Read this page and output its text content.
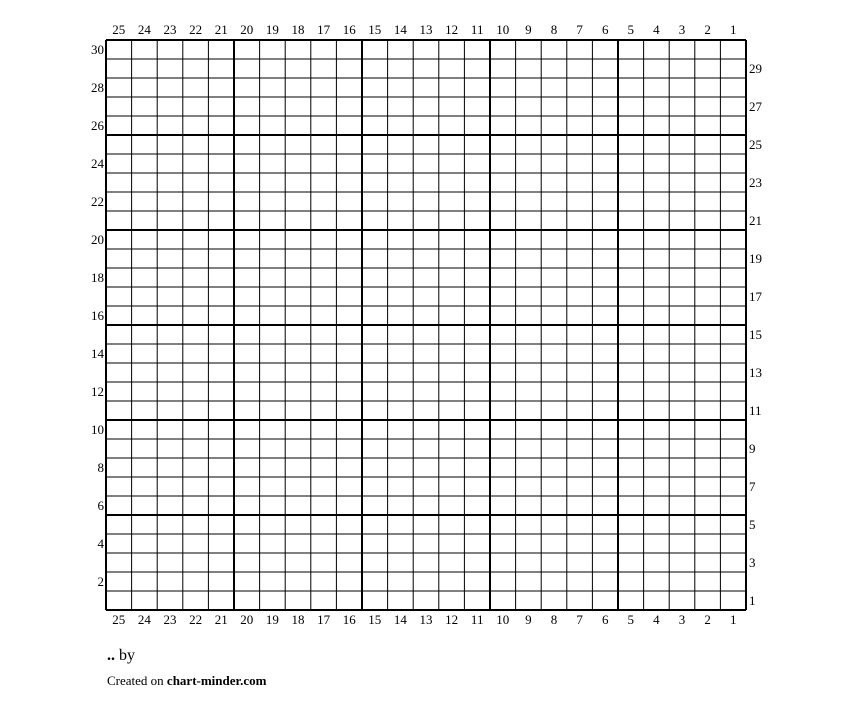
25 24 23 22 21 20 19 18 17 16 15 14 13 12 11 10 9 8 7 6 5 4 3 2 1
25 24 23 22 21 20 19 18 17 16 15 14 13 12 11 10 9 8 7 6 5 4 3 2 1
30
28
26
24
22
20
18
16
14
12
10
8
6
4
2
29
27
25
23
21
19
17
15
13
11
9
7
5
3
1
.. by
Created on chart-minder.com
